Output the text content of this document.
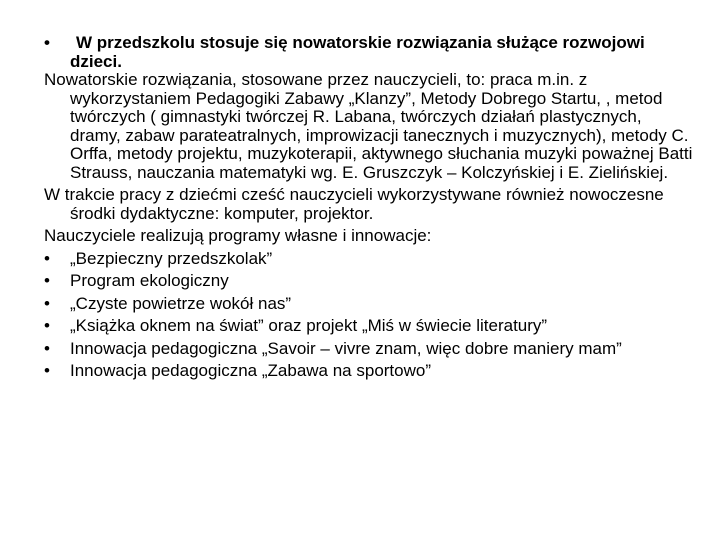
•	W przedszkolu stosuje się nowatorskie rozwiązania służące rozwojowi dzieci.
Nowatorskie rozwiązania, stosowane przez nauczycieli, to: praca m.in. z wykorzystaniem Pedagogiki Zabawy „Klanzy”, Metody Dobrego Startu, , metod twórczych ( gimnastyki twórczej R. Labana, twórczych działań plastycznych, dramy, zabaw parateatralnych, improwizacji tanecznych i muzycznych), metody C. Orffa, metody projektu, muzykoterapii, aktywnego słuchania muzyki poważnej Batti Strauss, nauczania matematyki wg. E. Gruszczyk – Kolczyńskiej i E. Zielińskiej.
W trakcie pracy z dziećmi cześć nauczycieli wykorzystywane również nowoczesne środki dydaktyczne: komputer, projektor.
Nauczyciele realizują programy własne i innowacje:
•	„Bezpieczny przedszkolak”
•	Program ekologiczny
•	„Czyste powietrze wokół nas”
•	„Książka oknem na świat” oraz projekt „Miś w świecie literatury”
•	Innowacja pedagogiczna „Savoir – vivre znam, więc dobre maniery mam”
•	Innowacja pedagogiczna „Zabawa na sportowo”
